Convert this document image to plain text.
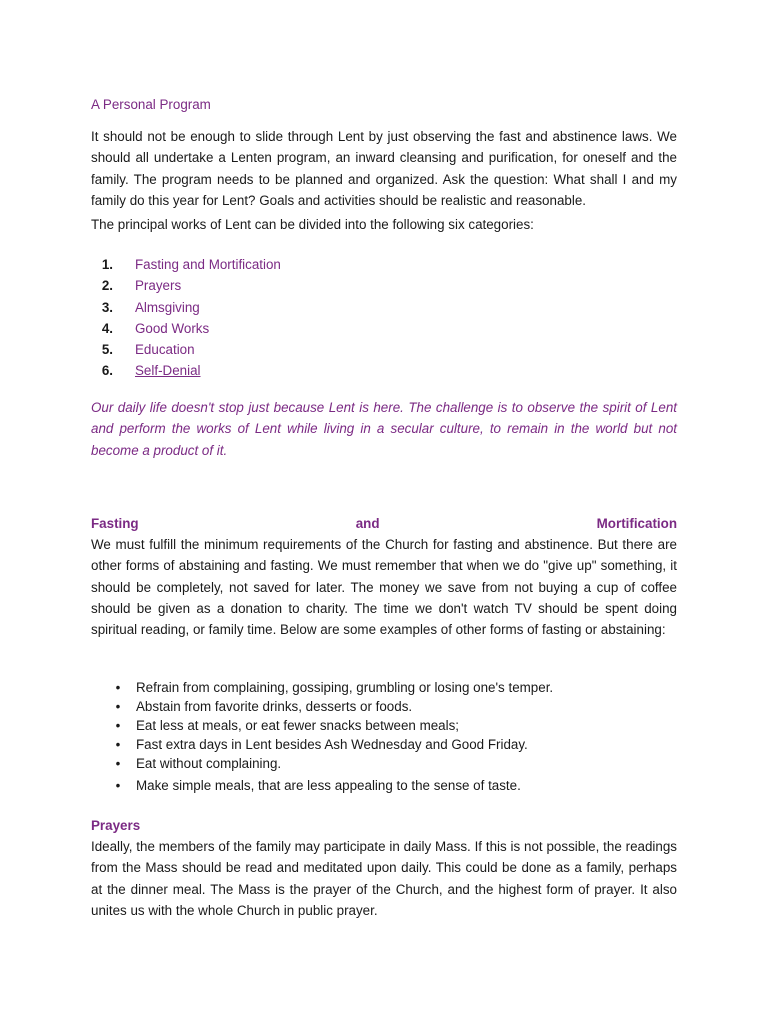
A Personal Program

It should not be enough to slide through Lent by just observing the fast and abstinence laws. We should all undertake a Lenten program, an inward cleansing and purification, for oneself and the family. The program needs to be planned and organized. Ask the question: What shall I and my family do this year for Lent? Goals and activities should be realistic and reasonable.

The principal works of Lent can be divided into the following six categories:

1. Fasting and Mortification
2. Prayers
3. Almsgiving
4. Good Works
5. Education
6. Self-Denial

Our daily life doesn't stop just because Lent is here. The challenge is to observe the spirit of Lent and perform the works of Lent while living in a secular culture, to remain in the world but not become a product of it.

Fasting	and	Mortification

We must fulfill the minimum requirements of the Church for fasting and abstinence. But there are other forms of abstaining and fasting. We must remember that when we do "give up" something, it should be completely, not saved for later. The money we save from not buying a cup of coffee should be given as a donation to charity. The time we don't watch TV should be spent doing spiritual reading, or family time. Below are some examples of other forms of fasting or abstaining:

• Refrain from complaining, gossiping, grumbling or losing one's temper.
• Abstain from favorite drinks, desserts or foods.
• Eat less at meals, or eat fewer snacks between meals;
• Fast extra days in Lent besides Ash Wednesday and Good Friday.
• Eat without complaining.
• Make simple meals, that are less appealing to the sense of taste.
Prayers

Ideally, the members of the family may participate in daily Mass. If this is not possible, the readings from the Mass should be read and meditated upon daily. This could be done as a family, perhaps at the dinner meal. The Mass is the prayer of the Church, and the highest form of prayer. It also unites us with the whole Church in public prayer.
